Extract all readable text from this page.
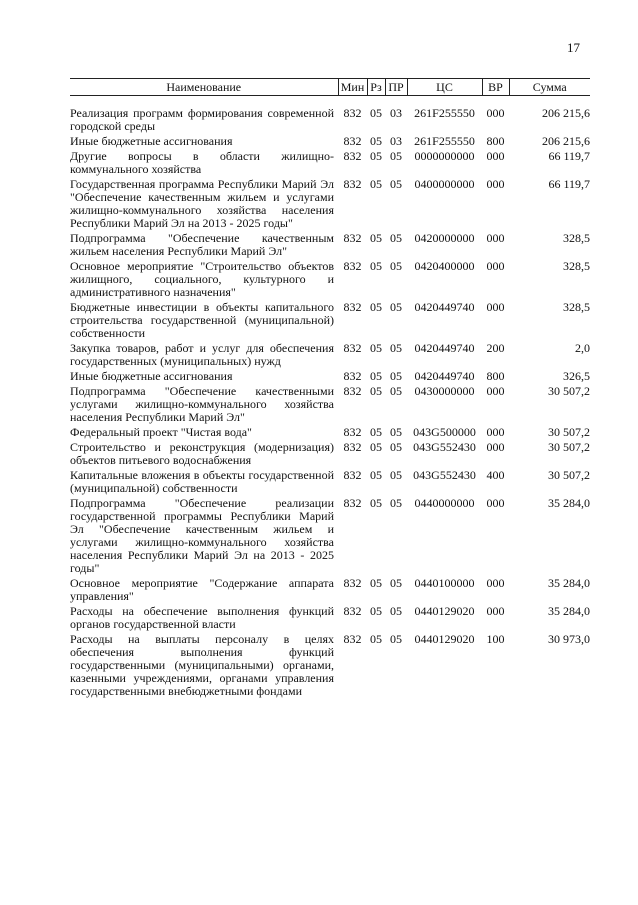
17
Наименование	Мин	Рз	ПР	ЦС	ВР	Сумма
Реализация программ формирования современной городской среды	832	05	03	261F255550	000	206 215,6
Иные бюджетные ассигнования	832	05	03	261F255550	800	206 215,6
Другие вопросы в области жилищно-коммунального хозяйства	832	05	05	0000000000	000	66 119,7
Государственная программа Республики Марий Эл "Обеспечение качественным жильем и услугами жилищно-коммунального хозяйства населения Республики Марий Эл на 2013 - 2025 годы"	832	05	05	0400000000	000	66 119,7
Подпрограмма "Обеспечение качественным жильем населения Республики Марий Эл"	832	05	05	0420000000	000	328,5
Основное мероприятие "Строительство объектов жилищного, социального, культурного и административного назначения"	832	05	05	0420400000	000	328,5
Бюджетные инвестиции в объекты капитального строительства государственной (муниципальной) собственности	832	05	05	0420449740	000	328,5
Закупка товаров, работ и услуг для обеспечения государственных (муниципальных) нужд	832	05	05	0420449740	200	2,0
Иные бюджетные ассигнования	832	05	05	0420449740	800	326,5
Подпрограмма "Обеспечение качественными услугами жилищно-коммунального хозяйства населения Республики Марий Эл"	832	05	05	0430000000	000	30 507,2
Федеральный проект "Чистая вода"	832	05	05	043G500000	000	30 507,2
Строительство и реконструкция (модернизация) объектов питьевого водоснабжения	832	05	05	043G552430	000	30 507,2
Капитальные вложения в объекты государственной (муниципальной) собственности	832	05	05	043G552430	400	30 507,2
Подпрограмма "Обеспечение реализации государственной программы Республики Марий Эл "Обеспечение качественным жильем и услугами жилищно-коммунального хозяйства населения Республики Марий Эл на 2013 - 2025 годы"	832	05	05	0440000000	000	35 284,0
Основное мероприятие "Содержание аппарата управления"	832	05	05	0440100000	000	35 284,0
Расходы на обеспечение выполнения функций органов государственной власти	832	05	05	0440129020	000	35 284,0
Расходы на выплаты персоналу в целях обеспечения выполнения функций государственными (муниципальными) органами, казенными учреждениями, органами управления государственными внебюджетными фондами	832	05	05	0440129020	100	30 973,0
